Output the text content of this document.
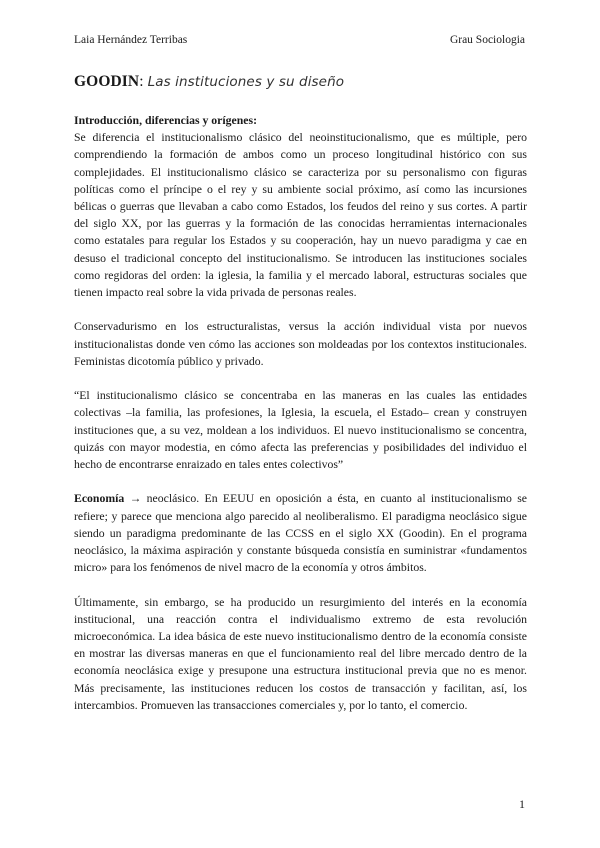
Laia Hernández Terribas	Grau Sociologia
GOODIN: Las instituciones y su diseño

Introducción, diferencias y orígenes:
Se diferencia el institucionalismo clásico del neoinstitucionalismo, que es múltiple, pero comprendiendo la formación de ambos como un proceso longitudinal histórico con sus complejidades. El institucionalismo clásico se caracteriza por su personalismo con figuras políticas como el príncipe o el rey y su ambiente social próximo, así como las incursiones bélicas o guerras que llevaban a cabo como Estados, los feudos del reino y sus cortes. A partir del siglo XX, por las guerras y la formación de las conocidas herramientas internacionales como estatales para regular los Estados y su cooperación, hay un nuevo paradigma y cae en desuso el tradicional concepto del institucionalismo. Se introducen las instituciones sociales como regidoras del orden: la iglesia, la familia y el mercado laboral, estructuras sociales que tienen impacto real sobre la vida privada de personas reales.

Conservadurismo en los estructuralistas, versus la acción individual vista por nuevos institucionalistas donde ven cómo las acciones son moldeadas por los contextos institucionales. Feministas dicotomía público y privado.

“El institucionalismo clásico se concentraba en las maneras en las cuales las entidades colectivas –la familia, las profesiones, la Iglesia, la escuela, el Estado– crean y construyen instituciones que, a su vez, moldean a los individuos. El nuevo institucionalismo se concentra, quizás con mayor modestia, en cómo afecta las preferencias y posibilidades del individuo el hecho de encontrarse enraizado en tales entes colectivos”

Economía → neoclásico. En EEUU en oposición a ésta, en cuanto al institucionalismo se refiere; y parece que menciona algo parecido al neoliberalismo. El paradigma neoclásico sigue siendo un paradigma predominante de las CCSS en el siglo XX (Goodin). En el programa neoclásico, la máxima aspiración y constante búsqueda consistía en suministrar «fundamentos micro» para los fenómenos de nivel macro de la economía y otros ámbitos.

Últimamente, sin embargo, se ha producido un resurgimiento del interés en la economía institucional, una reacción contra el individualismo extremo de esta revolución microeconómica. La idea básica de este nuevo institucionalismo dentro de la economía consiste en mostrar las diversas maneras en que el funcionamiento real del libre mercado dentro de la economía neoclásica exige y presupone una estructura institucional previa que no es menor. Más precisamente, las instituciones reducen los costos de transacción y facilitan, así, los intercambios. Promueven las transacciones comerciales y, por lo tanto, el comercio.

1
